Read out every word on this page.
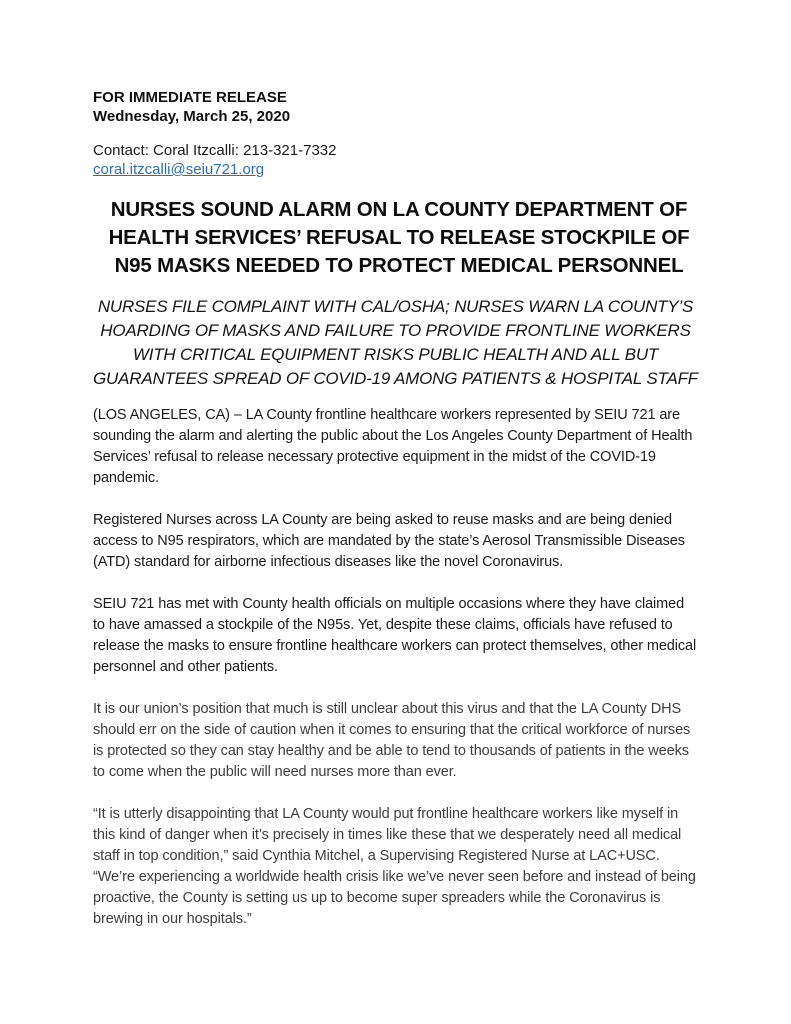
FOR IMMEDIATE RELEASE
Wednesday, March 25, 2020
Contact: Coral Itzcalli: 213-321-7332
coral.itzcalli@seiu721.org
NURSES SOUND ALARM ON LA COUNTY DEPARTMENT OF HEALTH SERVICES’ REFUSAL TO RELEASE STOCKPILE OF N95 MASKS NEEDED TO PROTECT MEDICAL PERSONNEL
NURSES FILE COMPLAINT WITH CAL/OSHA; NURSES WARN LA COUNTY’S HOARDING OF MASKS AND FAILURE TO PROVIDE FRONTLINE WORKERS WITH CRITICAL EQUIPMENT RISKS PUBLIC HEALTH AND ALL BUT GUARANTEES SPREAD OF COVID-19 AMONG PATIENTS & HOSPITAL STAFF

(LOS ANGELES, CA) – LA County frontline healthcare workers represented by SEIU 721 are sounding the alarm and alerting the public about the Los Angeles County Department of Health Services’ refusal to release necessary protective equipment in the midst of the COVID-19 pandemic.

Registered Nurses across LA County are being asked to reuse masks and are being denied access to N95 respirators, which are mandated by the state’s Aerosol Transmissible Diseases (ATD) standard for airborne infectious diseases like the novel Coronavirus.

SEIU 721 has met with County health officials on multiple occasions where they have claimed to have amassed a stockpile of the N95s. Yet, despite these claims, officials have refused to release the masks to ensure frontline healthcare workers can protect themselves, other medical personnel and other patients.

It is our union’s position that much is still unclear about this virus and that the LA County DHS should err on the side of caution when it comes to ensuring that the critical workforce of nurses is protected so they can stay healthy and be able to tend to thousands of patients in the weeks to come when the public will need nurses more than ever.

“It is utterly disappointing that LA County would put frontline healthcare workers like myself in this kind of danger when it’s precisely in times like these that we desperately need all medical staff in top condition,” said Cynthia Mitchel, a Supervising Registered Nurse at LAC+USC. “We’re experiencing a worldwide health crisis like we’ve never seen before and instead of being proactive, the County is setting us up to become super spreaders while the Coronavirus is brewing in our hospitals.”
